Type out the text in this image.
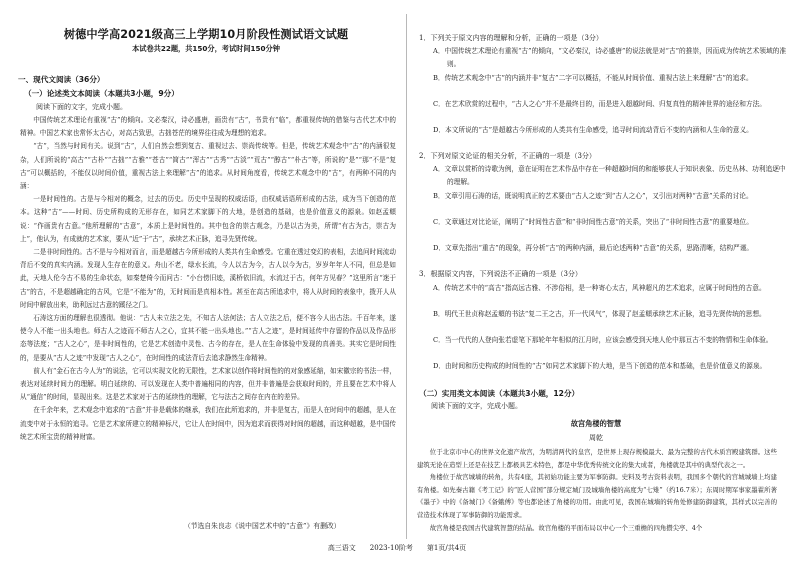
树德中学高2021级高三上学期10月阶段性测试语文试题
本试卷共22题，共150分，考试时间150分钟
一、现代文阅读（36分）
（一）论述类文本阅读（本题共3小题，9分）
阅读下面的文字，完成小题。

中国传统艺术理论有重视“古”的倾向。文必秦汉，诗必盛唐，画贵有“古”，书贵有“临”，都重视传统的借鉴与古代艺术中的精神。中国艺术家也常怀太古心，对高古致思，古拙苍茫的境界往往成为理想的追求。

“古”，当然与时间有关。说到“古”，人们自然会想到复古、重视过去、崇尚传统等。但是，传统艺术观念中“古”的内涵很复杂，人们所说的“高古”“古朴”“古拙”“古雅”“苍古”“简古”“浑古”“古秀”“古淡”“荒古”“醇古”“朴古”等，所说的“是”“那”不是“复古”可以概括的，不能仅以时间价值，重视古法上来理解“古”的追求。从时间角度看，传统艺术观念中的“古”，有两种不同的内涵：

一是时间性的。古是与今相对的概念，过去的历史。历史中呈现的权威话语，由权威话语所形成的古法，成为当下创造的范本。这种“古”——时间、历史所构成的无形存在，如同艺术家脚下的大地，是创造的基础，也是价值意义的源泉。如赵孟頫说：“作画贵有古意。”他所理解的“古意”，本质上是时间性的。其中包含的崇古观念，乃是以古为美，所谓“有古为古，崇古为上”，他认为，有成就的艺术家，要从“近”于“古”，承续艺术正脉，追寻先贤传统。

二是非时间性的。古不是与今相对而言，而是超越古今所形成的人类共有生命感受。它重在透过变幻的表相，去追问时间流动背后不变的真实内涵。发现人生存在的意义。舟山不老，绿水长流，今人以古为今，古人以今为古，岁岁年年人不同，但总是如此，天地人伦今古不易的生命状态，如秦楚倚今而问古：“小台傍旧迹，溪桥依旧流，水流过于古，何年方见春？”这里所言“迷于古”的古，不是超越确定的古风，它是“不能为”的，无时间而是真相本性。甚至在高古所追求中，将人从时间的表象中，拨开人从时间中解放出来，助利远过古意的蹊径之门。

石涛这方面的理解也很透彻。他说：“古人未立法之先，不知古人法何法；古人立法之后，便不容今人出古法。千百年来，遂使今人不能一出头地也。师古人之迹而不师古人之心，宜其不能一出头地也。”“古人之迹”，是时间延传中存留的作品以及作品形态等法度；“古人之心”，是非时间性的，它是艺术创造中灵性、古今的存在，是人在生命体验中发现的真善美。其实它是时间性的，是要从“古人之迹”中发现“古人之心”，在时间性的成法背后去追求静然生命精神。

前人有“金石在古今人为”的说法，它可以实现文化的无限性，艺术家以创作将时间性的的对象感延缩，如宋徽宗的书法一样，表达对延续时间力的理解。明白延续的、可以发现在人类中普遍相同的内容，但并非普遍是会获取时间的，并且要在艺术中将人从“通信”的时间，显现出来。这是艺术家对于古的延续性的理解，它与法古之间存在内在的差异。

在千余年来，艺术观念中追求的“古意”并非是载体的继承，我们在此所追求的，并非是复古，而是人在时间中的超越，是人在流变中对于永恒的追寻。它是艺术家所建立的精神标尺，它让人在时间中，因为追求而获得对时间的超越，而这种超越，是中国传统艺术所宝贵的精神财富。

（节选自朱良志《说中国艺术中的“古意”》有删改）
1．下列关于原文内容的理解和分析，正确的一项是（3分）
A．中国传统艺术理论有重视“古”的倾向，“文必秦汉，诗必盛唐”的说法就是对“古”的推崇，因而成为传统艺术领域的准则。
B．传统艺术观念中“古”的内涵并非“复古”二字可以概括，不能从时间价值、重视古法上来理解“古”的追求。
C．在艺术欣赏的过程中，“古人之心”并不是最终目的，而是进入超越时间、归复真性的精神世界的途径和方法。
D．本文所说的“古”是超越古今所形成的人类共有生命感受，追寻时间流动背后不变的内涵和人生命的意义。
2．下列对原文论证的相关分析，不正确的一项是（3分）
A．文章以赏析的诗歌为例，意在证明在艺术作品中存在一种超越时间的和能够获人于知识表象、历史丛林、功利追逐中的理解。
B．文章引用石涛的话，既说明真正的艺术要由“古人之迹”到“古人之心”，又引出对两种“古意”关系的讨论。
C．文章通过对比论证，阐明了“时间性古意”和“非时间性古意”的关系，突出了“非时间性古意”的重要地位。
D．文章先指出“重古”的现象，再分析“古”的两种内涵，最后论述两种“古意”的关系，思路清晰，结构严谨。
3．根据原文内容，下列说法不正确的一项是（3分）
A．传统艺术中的“高古”指高远古雅、不涉俗相，是一种寄心太古，风神超凡的艺术追求，应属于时间性的古意。
B．明代王世贞称赵孟頫的书法“复二王之古，开一代风气”，体现了赵孟頫承续艺术正脉，追寻先贤传统的思想。
C．当一代代的人登向张若虚笔下那轮年年相似的江月时，应该会感受到天地人伦中那亘古不变的物情和生命体验。
D．由时间和历史构成的时间性的“古”如同艺术家脚下的大地，是当下创造的范本和基础，也是价值意义的源泉。
（二）实用类文本阅读（本题共3小题，12分）
阅读下面的文字，完成小题。
故宫角楼的智慧
周乾

位于北京市中心的世界文化遗产故宫，为明清两代的皇宫，是世界上现存规模最大、最为完整的古代木质宫殿建筑群。这些建筑无论在造型上还是在技艺上都极具艺术特色，都是中华优秀传统文化的集大成者，角楼就是其中的典型代表之一。

角楼位于故宫城墙的转角，共有4座，其初始功能主要为军事防御。史料及考古资料表明，我国多个朝代的宫城城墙上均建有角楼。如先秦古籍《考工记》的“匠人营国”部分规定城门及城墙角楼的高度为“七雉”（约16.7米）；东周时期军事家墨翟所著《墨子》中的《备城门》《备蛾傅》等也都论述了角楼的功用。由此可见，我国在城墙的转角处修建防御建筑，其样式以完善的营造技术体现了军事防御的功能需求。

故宫角楼是我国古代建筑智慧的结晶。故宫角楼的平面布局以中心一个三重檐的四角攒尖亭、4个

高三语文　　2023-10阶考　　第1页/共4页
